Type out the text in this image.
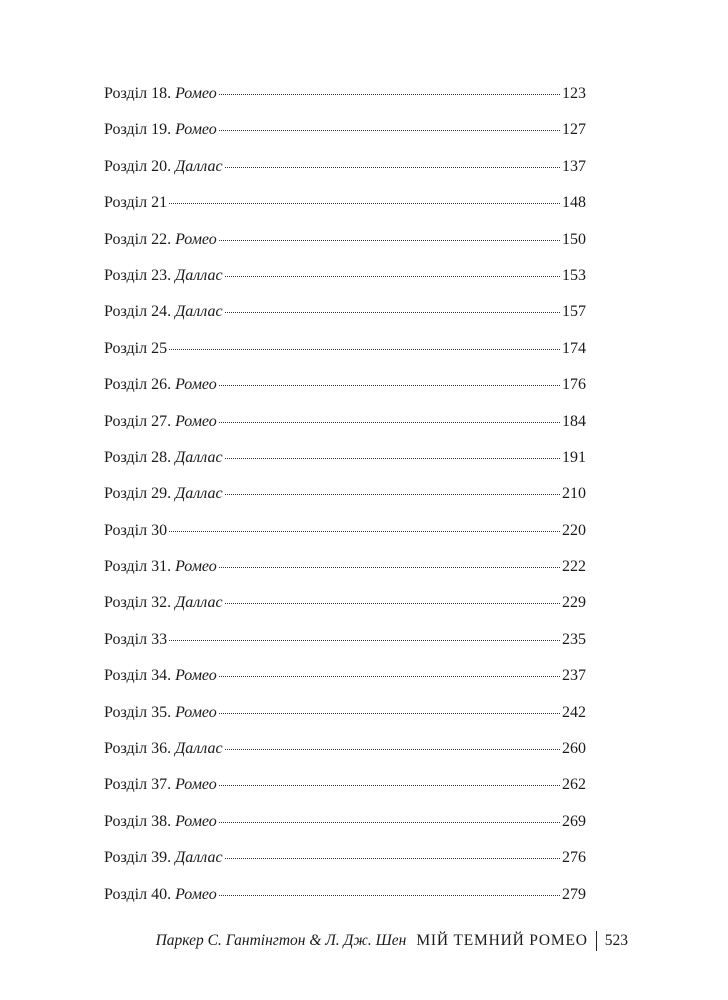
Розділ 18. Ромео	123
Розділ 19. Ромео	127
Розділ 20. Даллас	137
Розділ 21	148
Розділ 22. Ромео	150
Розділ 23. Даллас	153
Розділ 24. Даллас	157
Розділ 25	174
Розділ 26. Ромео	176
Розділ 27. Ромео	184
Розділ 28. Даллас	191
Розділ 29. Даллас	210
Розділ 30	220
Розділ 31. Ромео	222
Розділ 32. Даллас	229
Розділ 33	235
Розділ 34. Ромео	237
Розділ 35. Ромео	242
Розділ 36. Даллас	260
Розділ 37. Ромео	262
Розділ 38. Ромео	269
Розділ 39. Даллас	276
Розділ 40. Ромео	279
Паркер С. Гантінгтон & Л. Дж. Шен МІЙ ТЕМНИЙ РОМЕО 523
